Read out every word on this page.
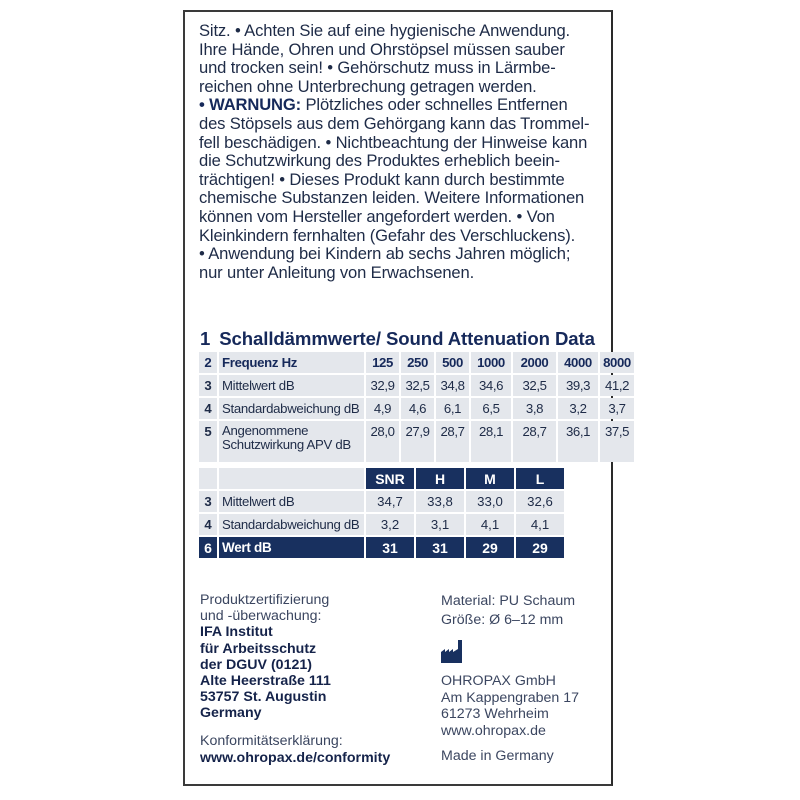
Sitz. • Achten Sie auf eine hygienische Anwendung.

Ihre Hände, Ohren und Ohrstöpsel müssen sauber

und trocken sein! • Gehörschutz muss in Lärmbe-

reichen ohne Unterbrechung getragen werden.

• WARNUNG: Plötzliches oder schnelles Entfernen

des Stöpsels aus dem Gehörgang kann das Trommel-

fell beschädigen. • Nichtbeachtung der Hinweise kann

die Schutzwirkung des Produktes erheblich beein-

trächtigen! • Dieses Produkt kann durch bestimmte

chemische Substanzen leiden. Weitere Informationen

können vom Hersteller angefordert werden. • Von

Kleinkindern fernhalten (Gefahr des Verschluckens).

• Anwendung bei Kindern ab sechs Jahren möglich;

nur unter Anleitung von Erwachsenen.

1 Schalldämmwerte/ Sound Attenuation Data
2	Frequenz Hz	125	250	500	1000	2000	4000	8000
3	Mittelwert dB	32,9	32,5	34,8	34,6	32,5	39,3	41,2
4	Standardabweichung dB	4,9	4,6	6,1	6,5	3,8	3,2	3,7
5	Angenommene
Schutzwirkung APV dB	28,0	27,9	28,7	28,1	28,7	36,1	37,5
		SNR	H	M	L
3	Mittelwert dB	34,7	33,8	33,0	32,6
4	Standardabweichung dB	3,2	3,1	4,1	4,1
6	Wert dB	31	31	29	29
Produktzertifizierung
und -überwachung:
IFA Institut
für Arbeitsschutz
der DGUV (0121)
Alte Heerstraße 111
53757 St. Augustin
Germany
Konformitätserklärung:
www.ohropax.de/conformity
Material: PU Schaum
Größe: Ø 6–12 mm
OHROPAX GmbH
Am Kappengraben 17
61273 Wehrheim
www.ohropax.de
Made in Germany
